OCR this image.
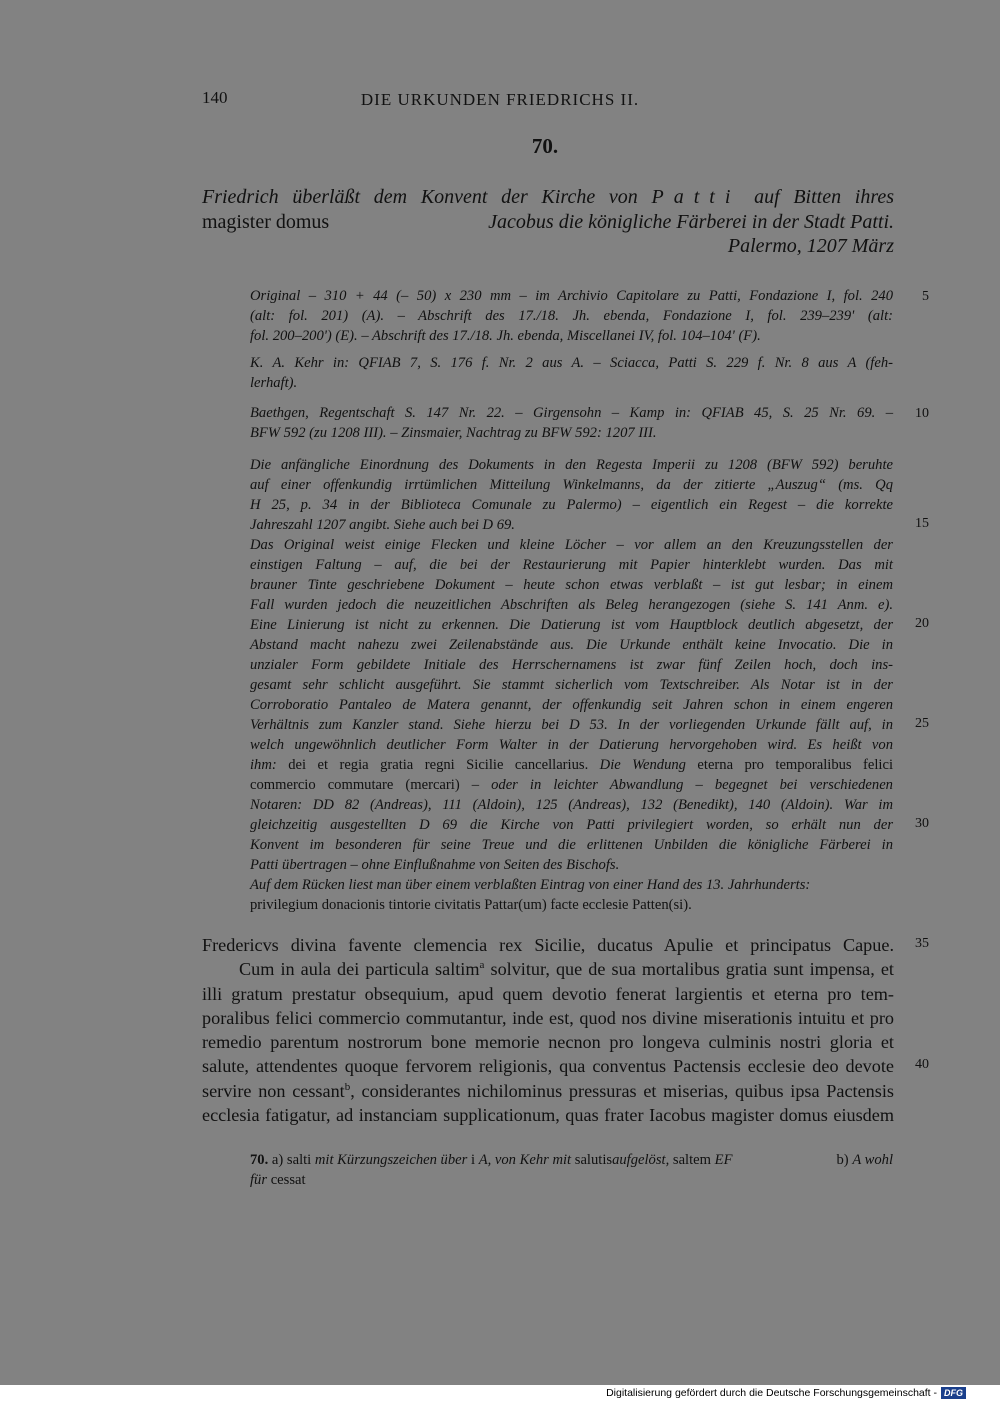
140	DIE URKUNDEN FRIEDRICHS II.
70.
Friedrich überläßt dem Konvent der Kirche von Patti auf Bitten ihres
magister domus	Jacobus die königliche Färberei in der Stadt Patti.
Palermo, 1207 März
Original – 310 + 44 (– 50) x 230 mm – im Archivio Capitolare zu Patti, Fondazione I, fol. 240
(alt: fol. 201) (A). – Abschrift des 17./18. Jh. ebenda, Fondazione I, fol. 239–239' (alt:
fol. 200–200') (E). – Abschrift des 17./18. Jh. ebenda, Miscellanei IV, fol. 104–104' (F).
K. A. Kehr in: QFIAB 7, S. 176 f. Nr. 2 aus A. – Sciacca, Patti S. 229 f. Nr. 8 aus A (feh-
lerhaft).
Baethgen, Regentschaft S. 147 Nr. 22. – Girgensohn – Kamp in: QFIAB 45, S. 25 Nr. 69. –
BFW 592 (zu 1208 III). – Zinsmaier, Nachtrag zu BFW 592: 1207 III.
Die anfängliche Einordnung des Dokuments in den Regesta Imperii zu 1208 (BFW 592) beruhte
auf einer offenkundig irrtümlichen Mitteilung Winkelmanns, da der zitierte „Auszug“ (ms. Qq
H 25, p. 34 in der Biblioteca Comunale zu Palermo) – eigentlich ein Regest – die korrekte
Jahreszahl 1207 angibt. Siehe auch bei D 69.
Das Original weist einige Flecken und kleine Löcher – vor allem an den Kreuzungsstellen der
einstigen Faltung – auf, die bei der Restaurierung mit Papier hinterklebt wurden. Das mit
brauner Tinte geschriebene Dokument – heute schon etwas verblaßt – ist gut lesbar; in einem
Fall wurden jedoch die neuzeitlichen Abschriften als Beleg herangezogen (siehe S. 141 Anm. e).
Eine Linierung ist nicht zu erkennen. Die Datierung ist vom Hauptblock deutlich abgesetzt, der
Abstand macht nahezu zwei Zeilenabstände aus. Die Urkunde enthält keine Invocatio. Die in
unzialer Form gebildete Initiale des Herrschernamens ist zwar fünf Zeilen hoch, doch ins-
gesamt sehr schlicht ausgeführt. Sie stammt sicherlich vom Textschreiber. Als Notar ist in der
Corroboratio Pantaleo de Matera genannt, der offenkundig seit Jahren schon in einem engeren
Verhältnis zum Kanzler stand. Siehe hierzu bei D 53. In der vorliegenden Urkunde fällt auf, in
welch ungewöhnlich deutlicher Form Walter in der Datierung hervorgehoben wird. Es heißt von
ihm: dei et regia gratia regni Sicilie cancellarius. Die Wendung eterna pro temporalibus felici
commercio commutare (mercari) – oder in leichter Abwandlung – begegnet bei verschiedenen
Notaren: DD 82 (Andreas), 111 (Aldoin), 125 (Andreas), 132 (Benedikt), 140 (Aldoin). War im
gleichzeitig ausgestellten D 69 die Kirche von Patti privilegiert worden, so erhält nun der
Konvent im besonderen für seine Treue und die erlittenen Unbilden die königliche Färberei in
Patti übertragen – ohne Einflußnahme von Seiten des Bischofs.
Auf dem Rücken liest man über einem verblaßten Eintrag von einer Hand des 13. Jahrhunderts:
privilegium donacionis tintorie civitatis Pattar(um) facte ecclesie Patten(si).
5
10
15
20
25
30
35
40
Fredericvs divina favente clemencia rex Sicilie, ducatus Apulie et principatus Capue.
Cum in aula dei particula saltim$^a$ solvitur, que de sua mortalibus gratia sunt impensa, et
illi gratum prestatur obsequium, apud quem devotio fenerat largientis et eterna pro tem-
poralibus felici commercio commutantur, inde est, quod nos divine miserationis intuitu et pro
remedio parentum nostrorum bone memorie necnon pro longeva culminis nostri gloria et
salute, attendentes quoque fervorem religionis, qua conventus Pactensis ecclesie deo devote
servire non cessant$^b$, considerantes nichilominus pressuras et miserias, quibus ipsa Pactensis
ecclesia fatigatur, ad instanciam supplicationum, quas frater Iacobus magister domus eiusdem
70. a) salti mit Kürzungszeichen über i A, von Kehr mit salutisaufgelöst, saltem EF	b) A wohl
für cessat
Digitalisierung gefördert durch die Deutsche Forschungsgemeinschaft - DFG
